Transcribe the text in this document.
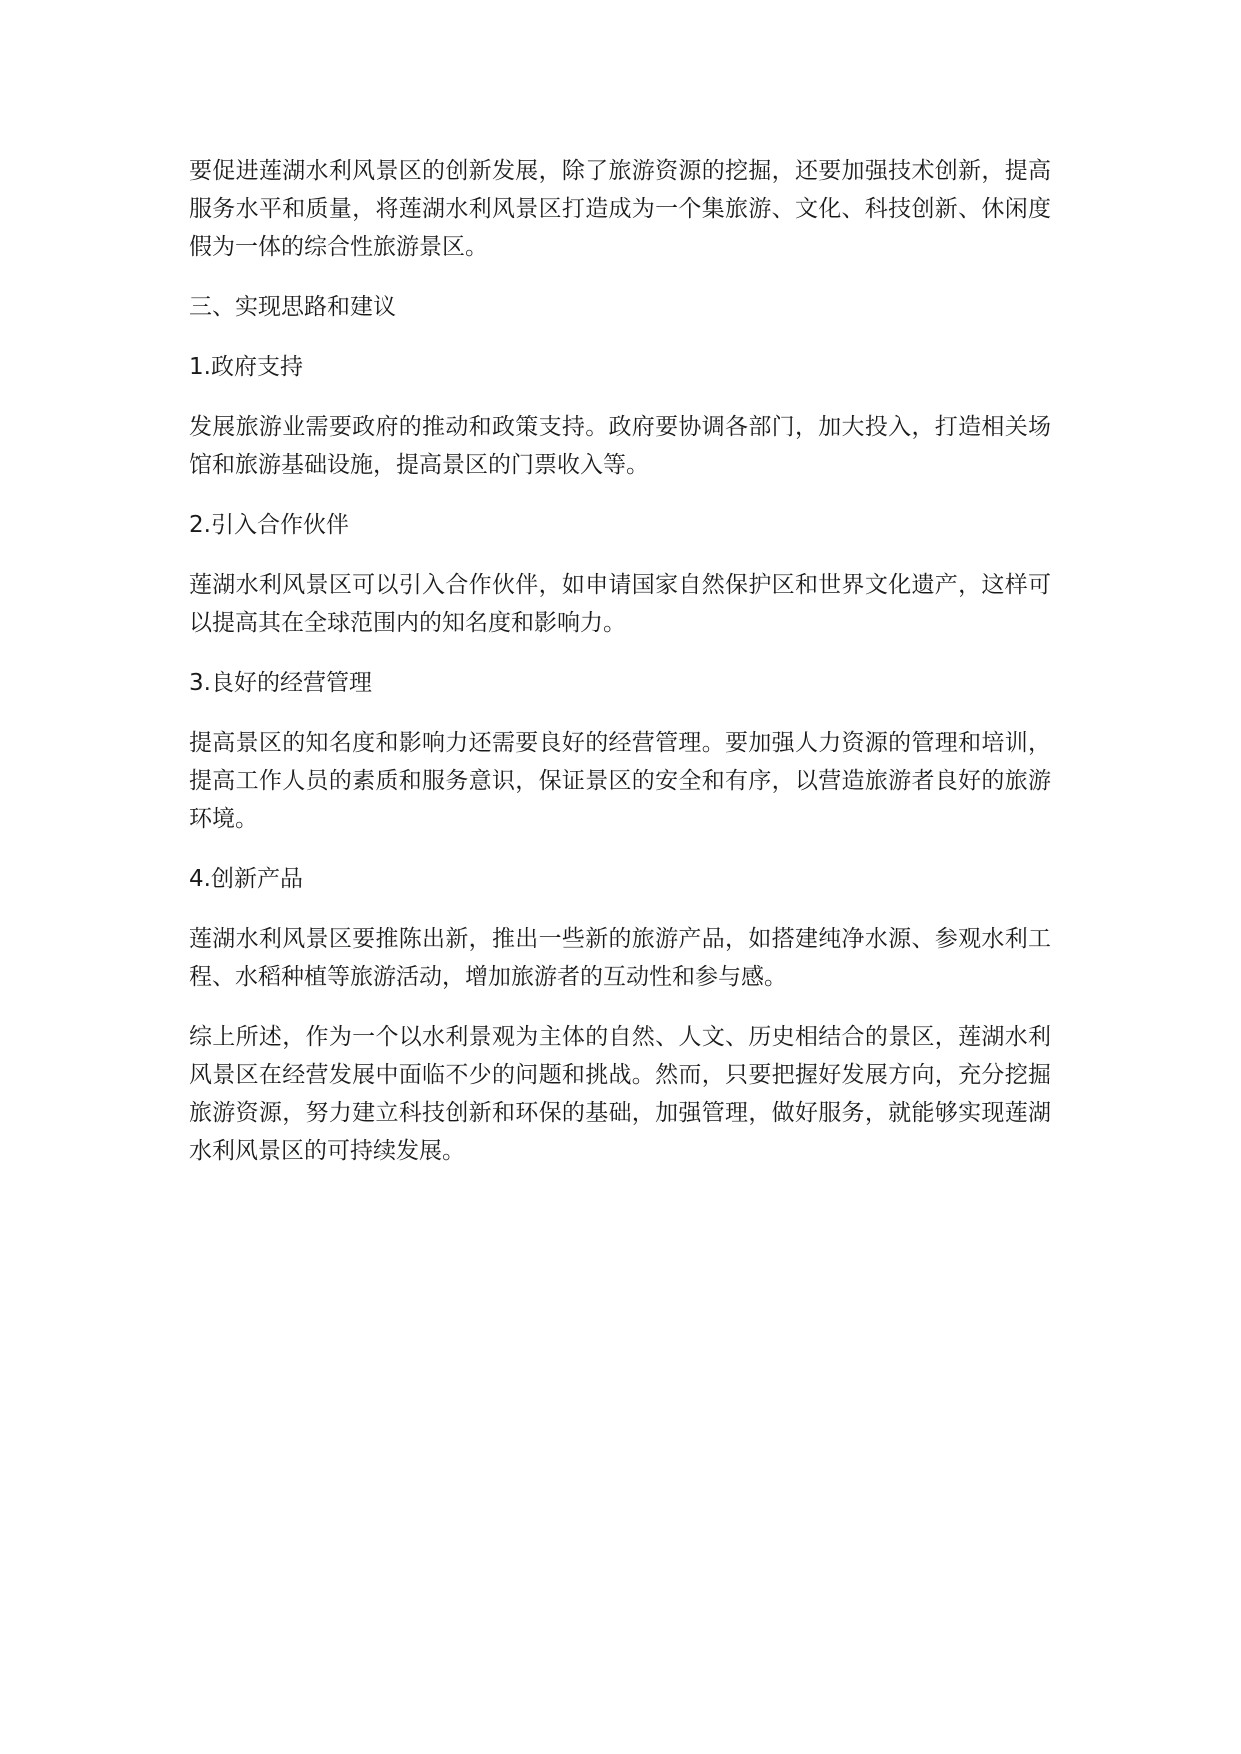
要促进莲湖水利风景区的创新发展，除了旅游资源的挖掘，还要加强技术创新，提高服务水平和质量，将莲湖水利风景区打造成为一个集旅游、文化、科技创新、休闲度假为一体的综合性旅游景区。

三、实现思路和建议

1.政府支持

发展旅游业需要政府的推动和政策支持。政府要协调各部门，加大投入，打造相关场馆和旅游基础设施，提高景区的门票收入等。

2.引入合作伙伴

莲湖水利风景区可以引入合作伙伴，如申请国家自然保护区和世界文化遗产，这样可以提高其在全球范围内的知名度和影响力。

3.良好的经营管理

提高景区的知名度和影响力还需要良好的经营管理。要加强人力资源的管理和培训，提高工作人员的素质和服务意识，保证景区的安全和有序，以营造旅游者良好的旅游环境。

4.创新产品

莲湖水利风景区要推陈出新，推出一些新的旅游产品，如搭建纯净水源、参观水利工程、水稻种植等旅游活动，增加旅游者的互动性和参与感。

综上所述，作为一个以水利景观为主体的自然、人文、历史相结合的景区，莲湖水利风景区在经营发展中面临不少的问题和挑战。然而，只要把握好发展方向，充分挖掘旅游资源，努力建立科技创新和环保的基础，加强管理，做好服务，就能够实现莲湖水利风景区的可持续发展。
